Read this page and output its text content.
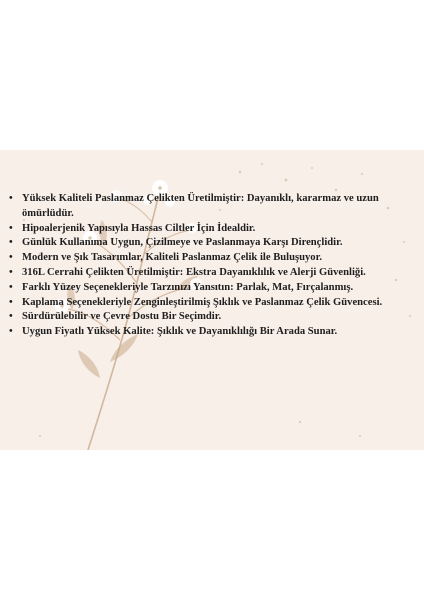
• Yüksek Kaliteli Paslanmaz Çelikten Üretilmiştir: Dayanıklı, kararmaz ve uzun ömürlüdür.
• Hipoalerjenik Yapısıyla Hassas Ciltler İçin İdealdir.
• Günlük Kullanıma Uygun, Çizilmeye ve Paslanmaya Karşı Dirençlidir.
• Modern ve Şık Tasarımlar, Kaliteli Paslanmaz Çelik ile Buluşuyor.
• 316L Cerrahi Çelikten Üretilmiştir: Ekstra Dayanıklılık ve Alerji Güvenliği.
• Farklı Yüzey Seçenekleriyle Tarzınızı Yansıtın: Parlak, Mat, Fırçalanmış.
• Kaplama Seçenekleriyle Zenginleştirilmiş Şıklık ve Paslanmaz Çelik Güvencesi.
• Sürdürülebilir ve Çevre Dostu Bir Seçimdir.
• Uygun Fiyatlı Yüksek Kalite: Şıklık ve Dayanıklılığı Bir Arada Sunar.
